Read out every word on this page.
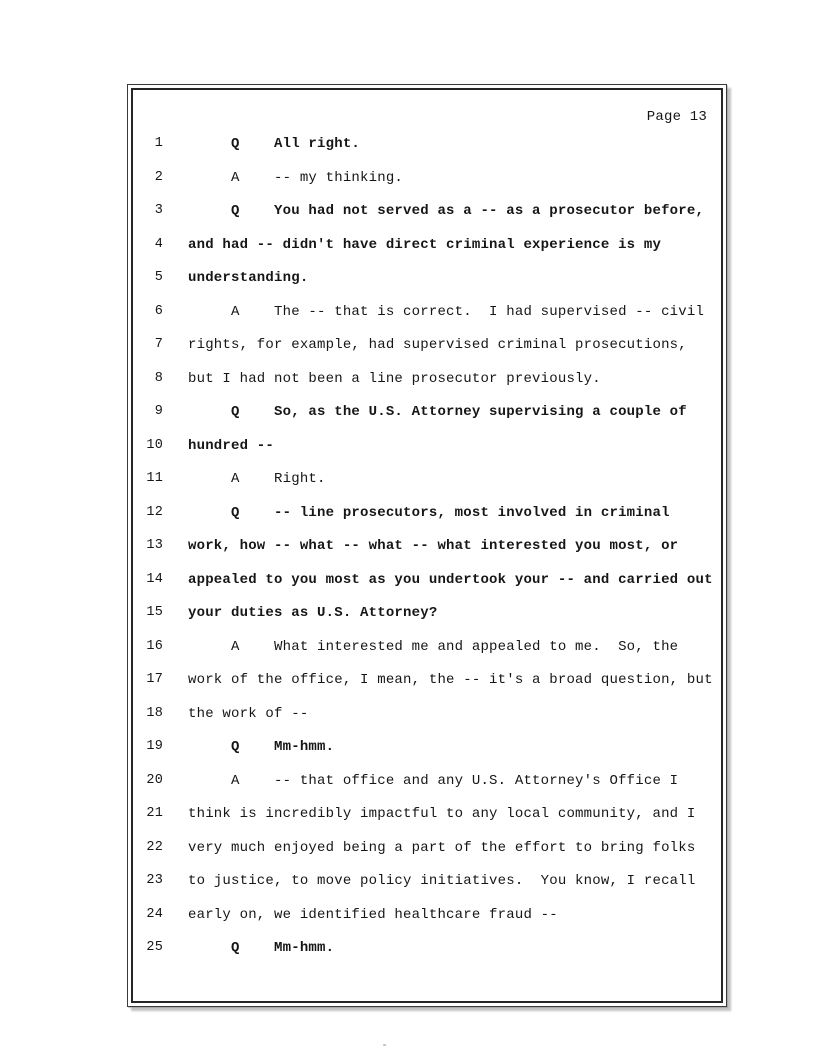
Page 13
1 Q    All right.
2 A    -- my thinking.
3 Q    You had not served as a -- as a prosecutor before,
4 and had -- didn't have direct criminal experience is my
5 understanding.
6 A    The -- that is correct.  I had supervised -- civil
7 rights, for example, had supervised criminal prosecutions,
8 but I had not been a line prosecutor previously.
9 Q    So, as the U.S. Attorney supervising a couple of
10 hundred --
11 A    Right.
12 Q    -- line prosecutors, most involved in criminal
13 work, how -- what -- what -- what interested you most, or
14 appealed to you most as you undertook your -- and carried out
15 your duties as U.S. Attorney?
16 A    What interested me and appealed to me.  So, the
17 work of the office, I mean, the -- it's a broad question, but
18 the work of --
19 Q    Mm-hmm.
20 A    -- that office and any U.S. Attorney's Office I
21 think is incredibly impactful to any local community, and I
22 very much enjoyed being a part of the effort to bring folks
23 to justice, to move policy initiatives.  You know, I recall
24 early on, we identified healthcare fraud --
25 Q    Mm-hmm.
